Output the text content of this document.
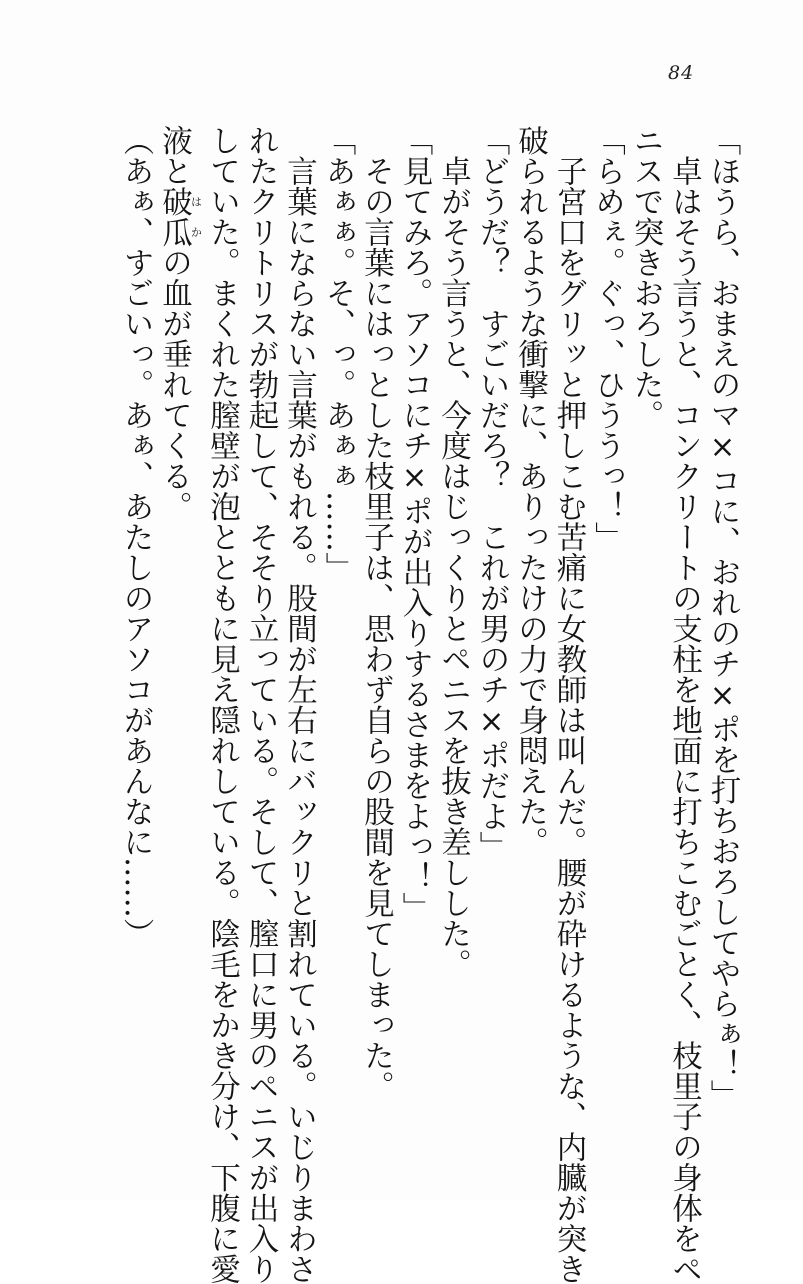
84
「ほうら、おまえのマ×コに、おれのチ×ポを打ちおろしてやらぁ！」
　卓はそう言うと、コンクリートの支柱を地面に打ちこむごとく、枝里子の身体をペ
ニスで突きおろした。
「らめぇ。ぐっ、ひううっ！」
　子宮口をグリッと押しこむ苦痛に女教師は叫んだ。腰が砕けるような、内臓が突き
破られるような衝撃に、ありったけの力で身悶えた。
「どうだ？　すごいだろ？　これが男のチ×ポだよ」
　卓がそう言うと、今度はじっくりとペニスを抜き差しした。
「見てみろ。アソコにチ×ポが出入りするさまをよっ！」
　その言葉にはっとした枝里子は、思わず自らの股間を見てしまった。
「あぁぁ。そ、っ。あぁぁ……」
　言葉にならない言葉がもれる。股間が左右にバックリと割れている。いじりまわさ
れたクリトリスが勃起して、そそり立っている。そして、膣口に男のペニスが出入り
していた。まくれた膣壁が泡とともに見え隠れしている。陰毛をかき分け、下腹に愛
液と破は瓜かの血が垂れてくる。
（あぁ、すごいっ。あぁ、あたしのアソコがあんなに……）
